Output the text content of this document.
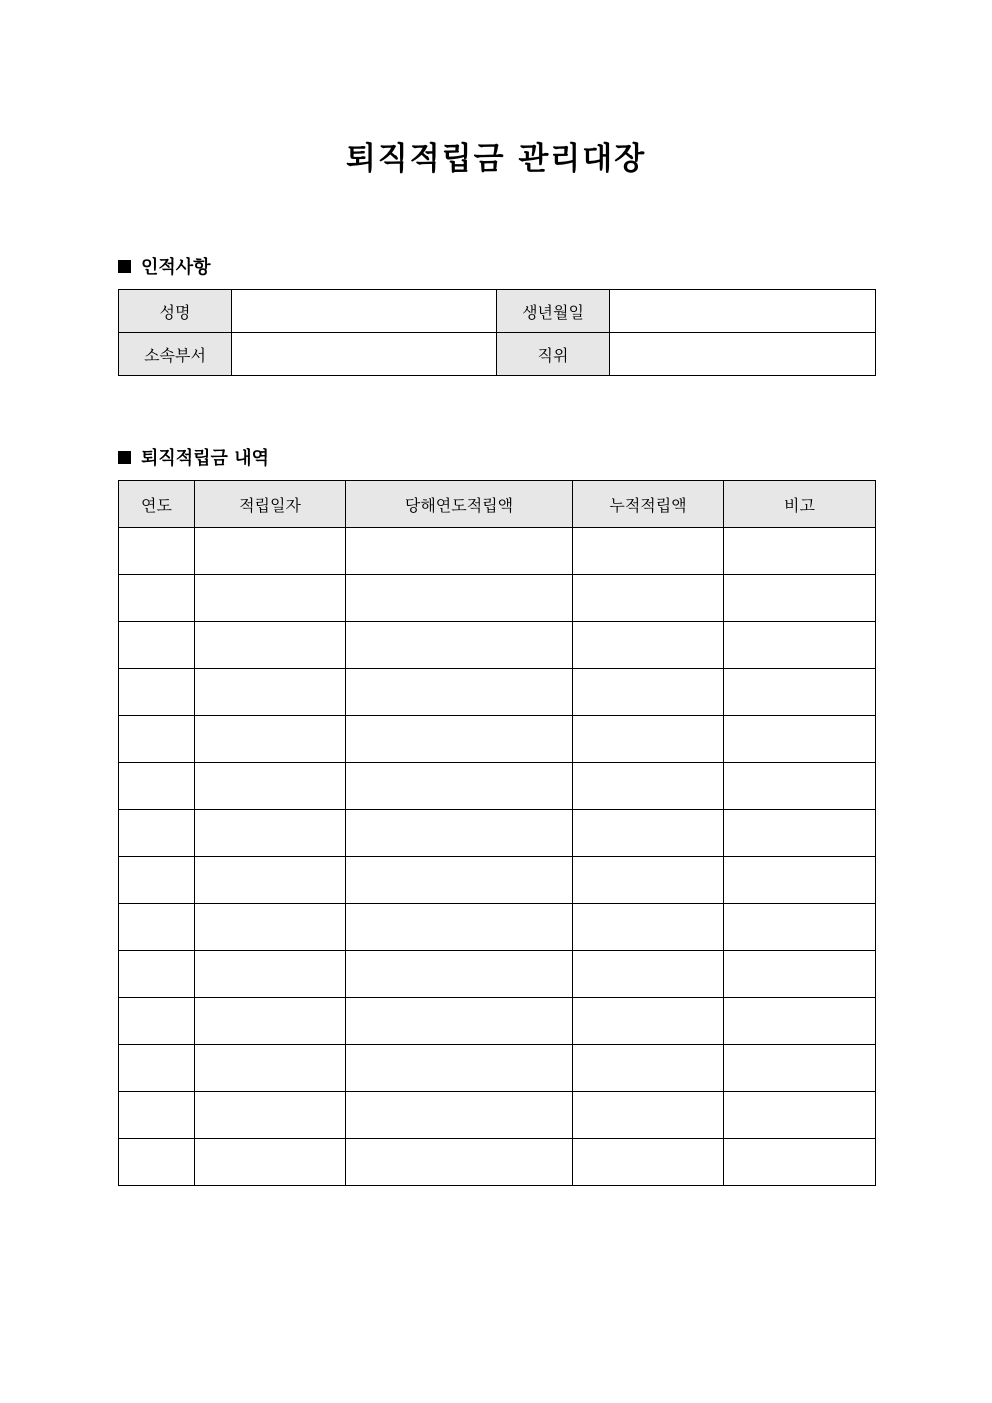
퇴직적립금 관리대장
인적사항
성명		생년월일	
소속부서		직위	
퇴직적립금 내역
연도	적립일자	당해연도적립액	누적적립액	비고
